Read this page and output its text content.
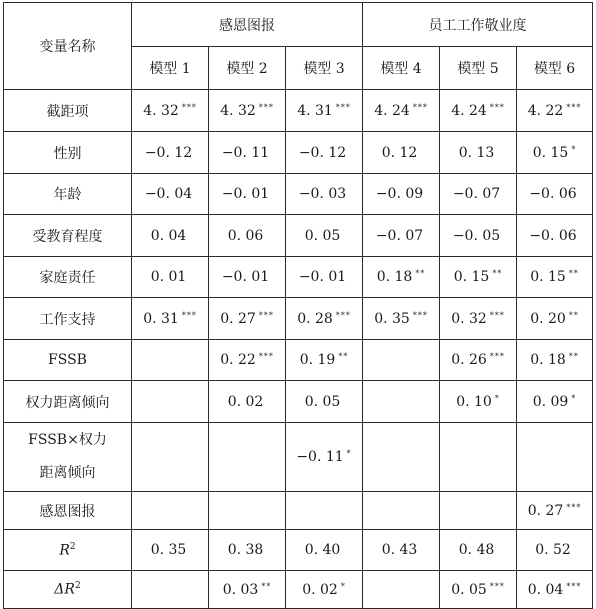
变量名称	感恩图报			员工工作敬业度		
	模型 1	模型 2	模型 3	模型 4	模型 5	模型 6
截距项	4. 32 ***	4. 32 ***	4. 31 ***	4. 24 ***	4. 24 ***	4. 22 ***
性别	−0. 12	−0. 11	−0. 12	0. 12	0. 13	0. 15 *
年龄	−0. 04	−0. 01	−0. 03	−0. 09	−0. 07	−0. 06
受教育程度	0. 04	0. 06	0. 05	−0. 07	−0. 05	−0. 06
家庭责任	0. 01	−0. 01	−0. 01	0. 18 **	0. 15 **	0. 15 **
工作支持	0. 31 ***	0. 27 ***	0. 28 ***	0. 35 ***	0. 32 ***	0. 20 **
FSSB		0. 22 ***	0. 19 **		0. 26 ***	0. 18 **
权力距离倾向		0. 02	0. 05		0. 10 *	0. 09 *
FSSB×权力
距离倾向			−0. 11 *			
感恩图报						0. 27 ***
$R^2$	0. 35	0. 38	0. 40	0. 43	0. 48	0. 52
$\Delta R^2$		0. 03 **	0. 02 *		0. 05 ***	0. 04 ***
